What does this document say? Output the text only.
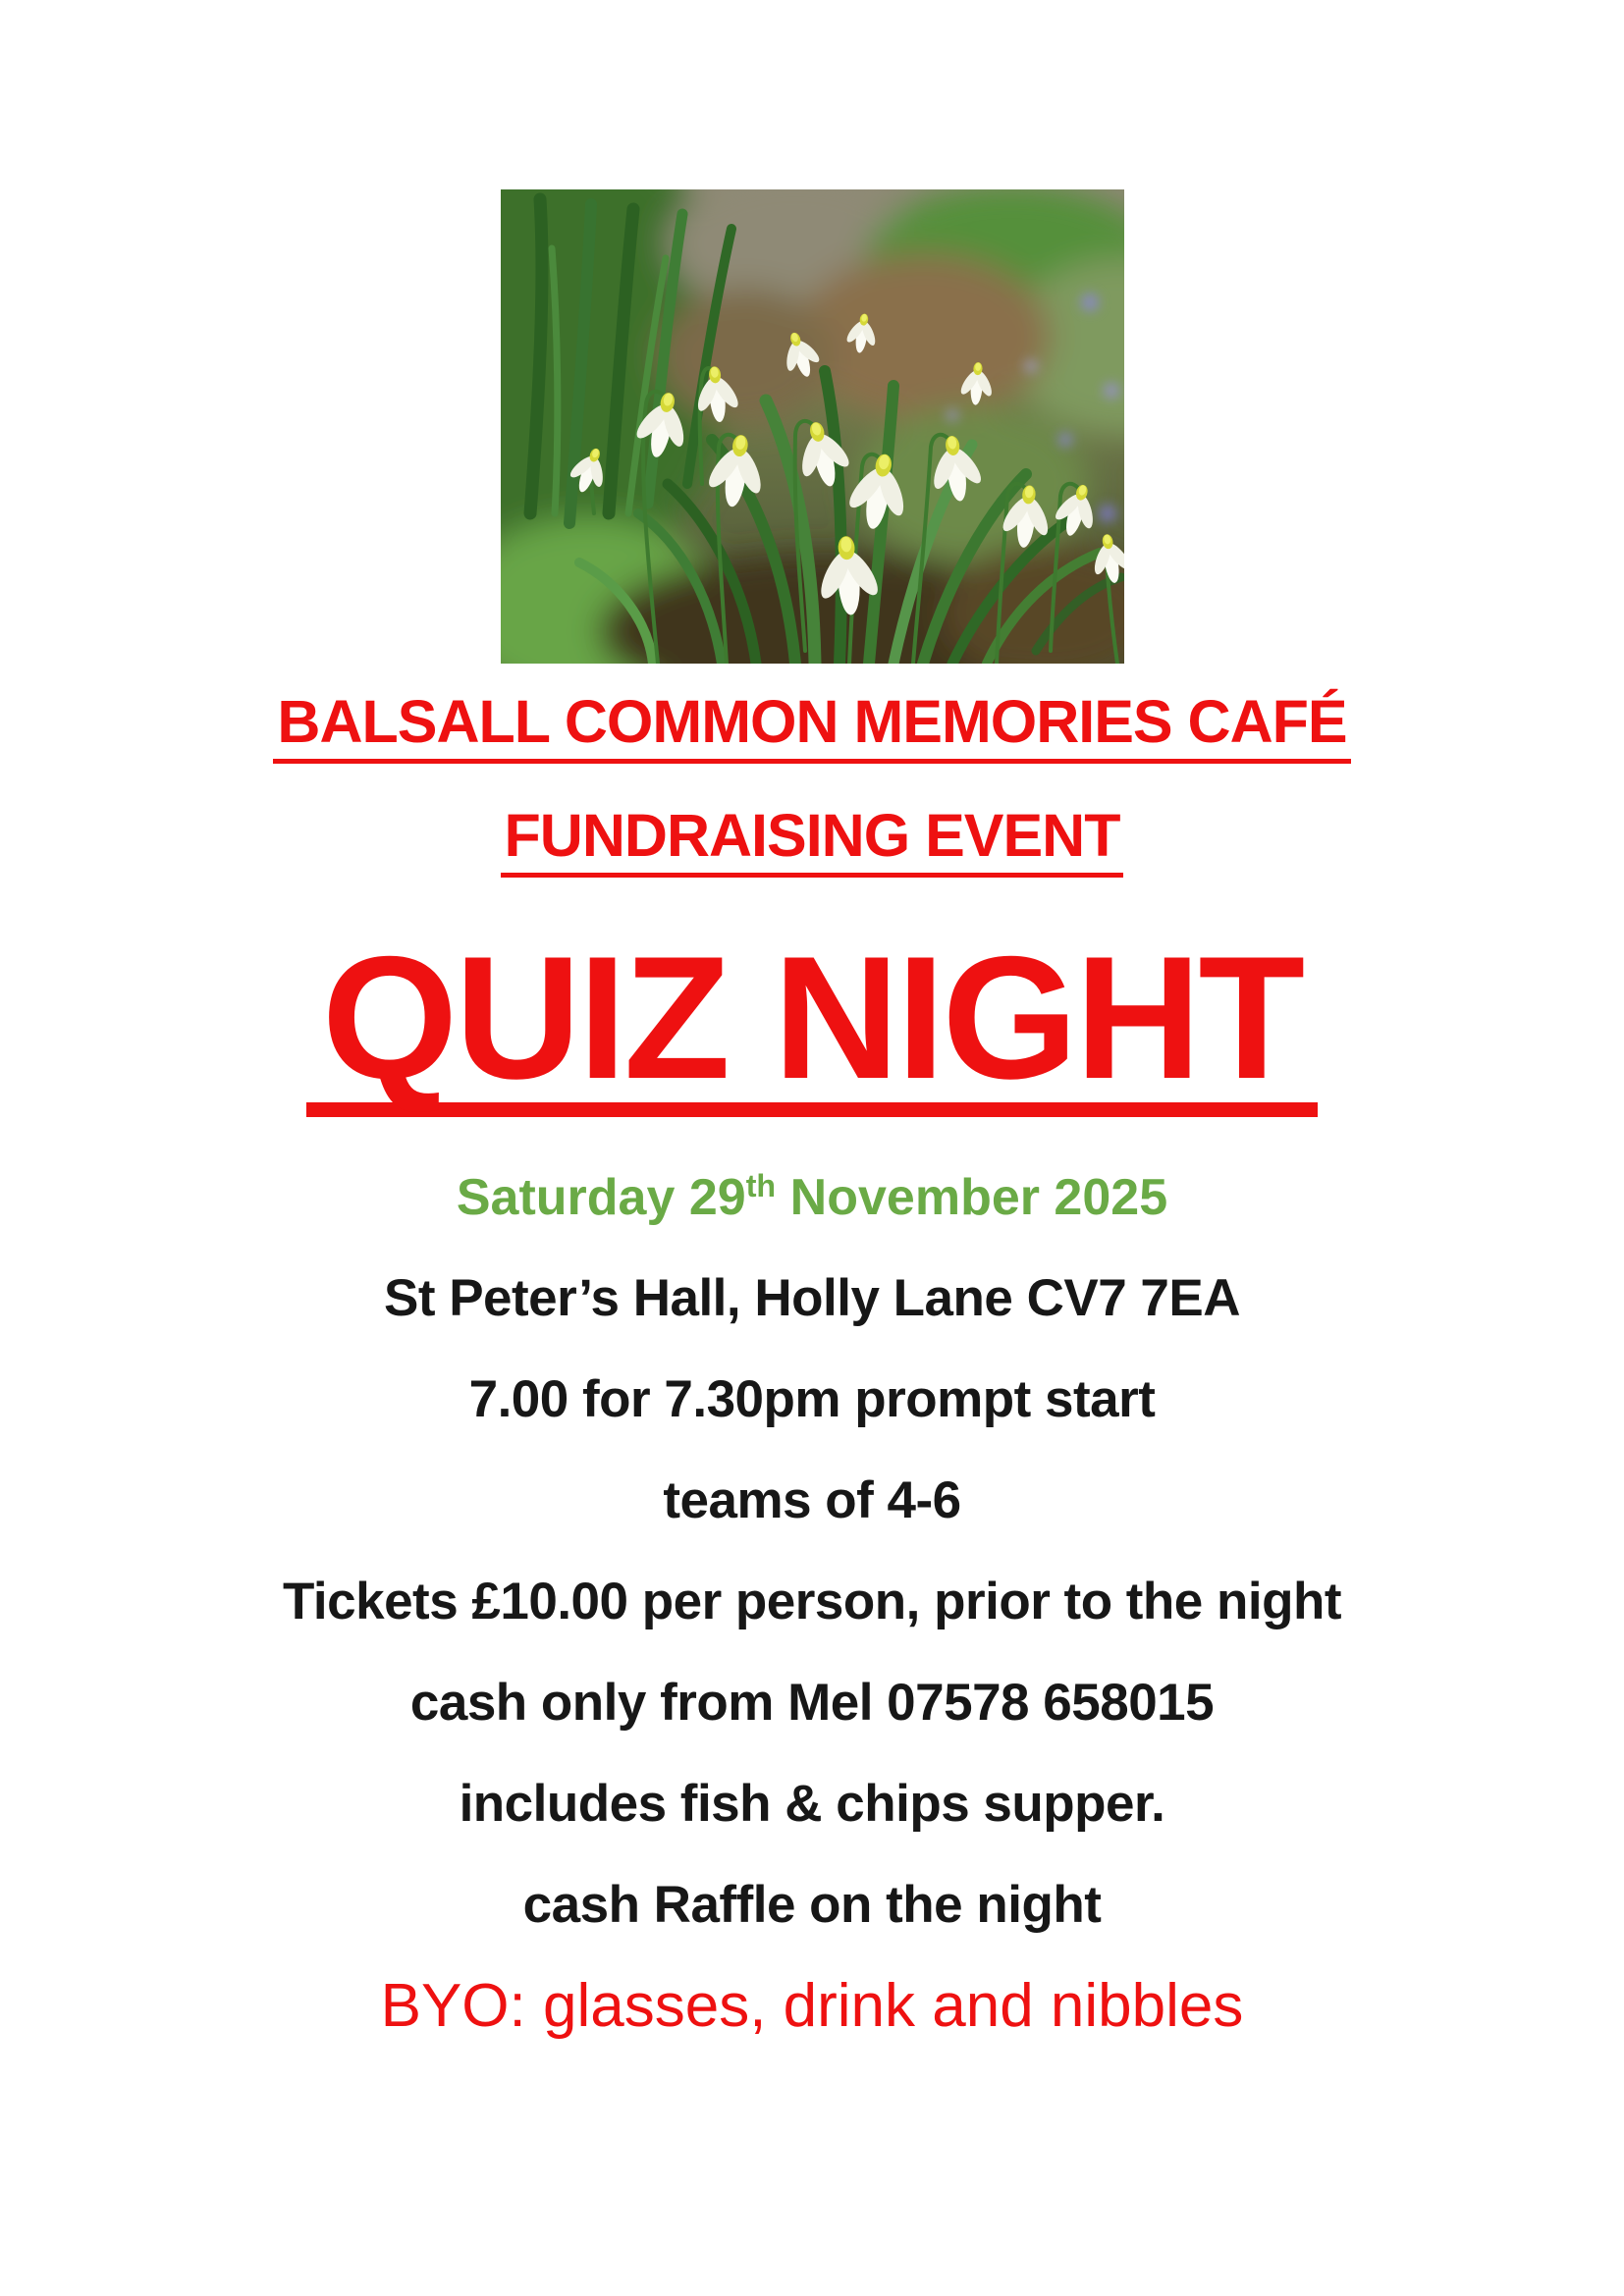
BALSALL COMMON MEMORIES CAFÉ
FUNDRAISING EVENT
QUIZ NIGHT

Saturday 29th November 2025

St Peter’s Hall, Holly Lane CV7 7EA

7.00 for 7.30pm prompt start

teams of 4-6

Tickets £10.00 per person, prior to the night

cash only from Mel 07578 658015

includes fish & chips supper.

cash Raffle on the night

BYO: glasses, drink and nibbles
